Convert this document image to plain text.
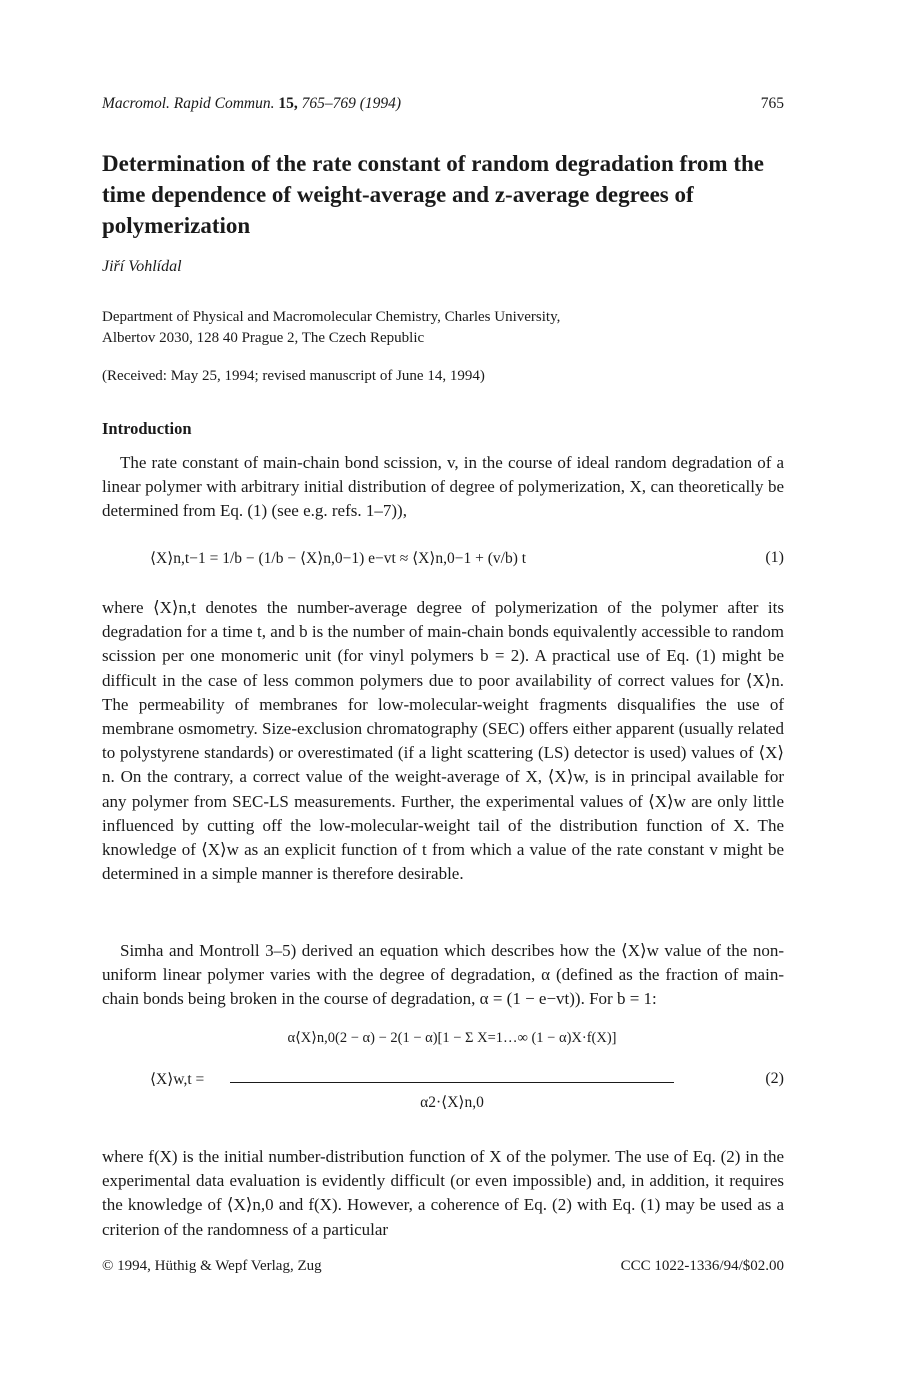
Macromol. Rapid Commun. 15, 765–769 (1994)	765
Determination of the rate constant of random degradation from the time dependence of weight-average and z-average degrees of polymerization
Jiří Vohlídal
Department of Physical and Macromolecular Chemistry, Charles University,
Albertov 2030, 128 40 Prague 2, The Czech Republic
(Received: May 25, 1994; revised manuscript of June 14, 1994)
Introduction

The rate constant of main-chain bond scission, v, in the course of ideal random degradation of a linear polymer with arbitrary initial distribution of degree of polymerization, X, can theoretically be determined from Eq. (1) (see e.g. refs. 1–7)),

⟨X⟩n,t−1 = 1/b − (1/b − ⟨X⟩n,0−1) e−vt ≈ ⟨X⟩n,0−1 + (v/b) t	(1)

where ⟨X⟩n,t denotes the number-average degree of polymerization of the polymer after its degradation for a time t, and b is the number of main-chain bonds equivalently accessible to random scission per one monomeric unit (for vinyl polymers b = 2). A practical use of Eq. (1) might be difficult in the case of less common polymers due to poor availability of correct values for ⟨X⟩n. The permeability of membranes for low-molecular-weight fragments disqualifies the use of membrane osmometry. Size-exclusion chromatography (SEC) offers either apparent (usually related to polystyrene standards) or overestimated (if a light scattering (LS) detector is used) values of ⟨X⟩n. On the contrary, a correct value of the weight-average of X, ⟨X⟩w, is in principal available for any polymer from SEC-LS measurements. Further, the experimental values of ⟨X⟩w are only little influenced by cutting off the low-molecular-weight tail of the distribution function of X. The knowledge of ⟨X⟩w as an explicit function of t from which a value of the rate constant v might be determined in a simple manner is therefore desirable.

Simha and Montroll 3–5) derived an equation which describes how the ⟨X⟩w value of the non-uniform linear polymer varies with the degree of degradation, α (defined as the fraction of main-chain bonds being broken in the course of degradation, α = (1 − e−vt)). For b = 1:

⟨X⟩w,t =
α⟨X⟩n,0(2 − α) − 2(1 − α)[1 − Σ X=1…∞ (1 − α)X·f(X)]
α2·⟨X⟩n,0
(2)

where f(X) is the initial number-distribution function of X of the polymer. The use of Eq. (2) in the experimental data evaluation is evidently difficult (or even impossible) and, in addition, it requires the knowledge of ⟨X⟩n,0 and f(X). However, a coherence of Eq. (2) with Eq. (1) may be used as a criterion of the randomness of a particular

© 1994, Hüthig & Wepf Verlag, Zug	CCC 1022-1336/94/$02.00
